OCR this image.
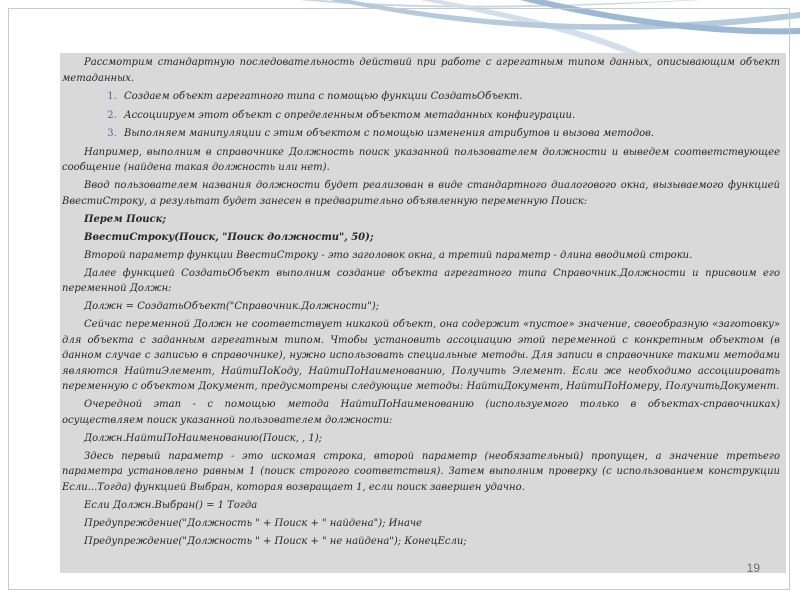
Рассмотрим стандартную последовательность действий при работе с агрегатным типом данных, описывающим объект метаданных.

1. Создаем объект агрегатного типа с помощью функции СоздатьОбъект.
2. Ассоциируем этот объект с определенным объектом метаданных конфигурации.
3. Выполняем манипуляции с этим объектом с помощью изменения атрибутов и вызова методов.

Например, выполним в справочнике Должность поиск указанной пользователем должности и выведем соответствующее сообщение (найдена такая должность или нет).

Ввод пользователем названия должности будет реализован в виде стандартного диалогового окна, вызываемого функцией ВвестиСтроку, а результат будет занесен в предварительно объявленную переменную Поиск:

Перем Поиск;

ВвестиСтроку(Поиск, "Поиск должности", 50);

Второй параметр функции ВвестиСтроку - это заголовок окна, а третий параметр - длина вводимой строки.

Далее функцией СоздатьОбъект выполним создание объекта агрегатного типа Справочник.Должности и присвоим его переменной Должн:

Должн = СоздатьОбъект("Справочник.Должности");

Сейчас переменной Должн не соответствует никакой объект, она содержит «пустое» значение, своеобразную «заготовку» для объекта с заданным агрегатным типом. Чтобы установить ассоциацию этой переменной с конкретным объектом (в данном случае с записью в справочнике), нужно использовать специальные методы. Для записи в справочнике такими методами являются НайтиЭлемент, НайтиПоКоду, НайтиПоНаименованию, Получить Элемент. Если же необходимо ассоциировать переменную с объектом Документ, предусмотрены следующие методы: НайтиДокумент, НайтиПоНомеру, ПолучитьДокумент.

Очередной этап - с помощью метода НайтиПоНаименованию (используемого только в объектах-справочниках) осуществляем поиск указанной пользователем должности:

Должн.НайтиПоНаименованию(Поиск, , 1);

Здесь первый параметр - это искомая строка, второй параметр (необязательный) пропущен, а значение третьего параметра установлено равным 1 (поиск строгого соответствия). Затем выполним проверку (с использованием конструкции Если...Тогда) функцией Выбран, которая возвращает 1, если поиск завершен удачно.

Если Должн.Выбран() = 1 Тогда

Предупреждение("Должность " + Поиск + " найдена"); Иначе

Предупреждение("Должность " + Поиск + " не найдена"); КонецЕсли;

19
